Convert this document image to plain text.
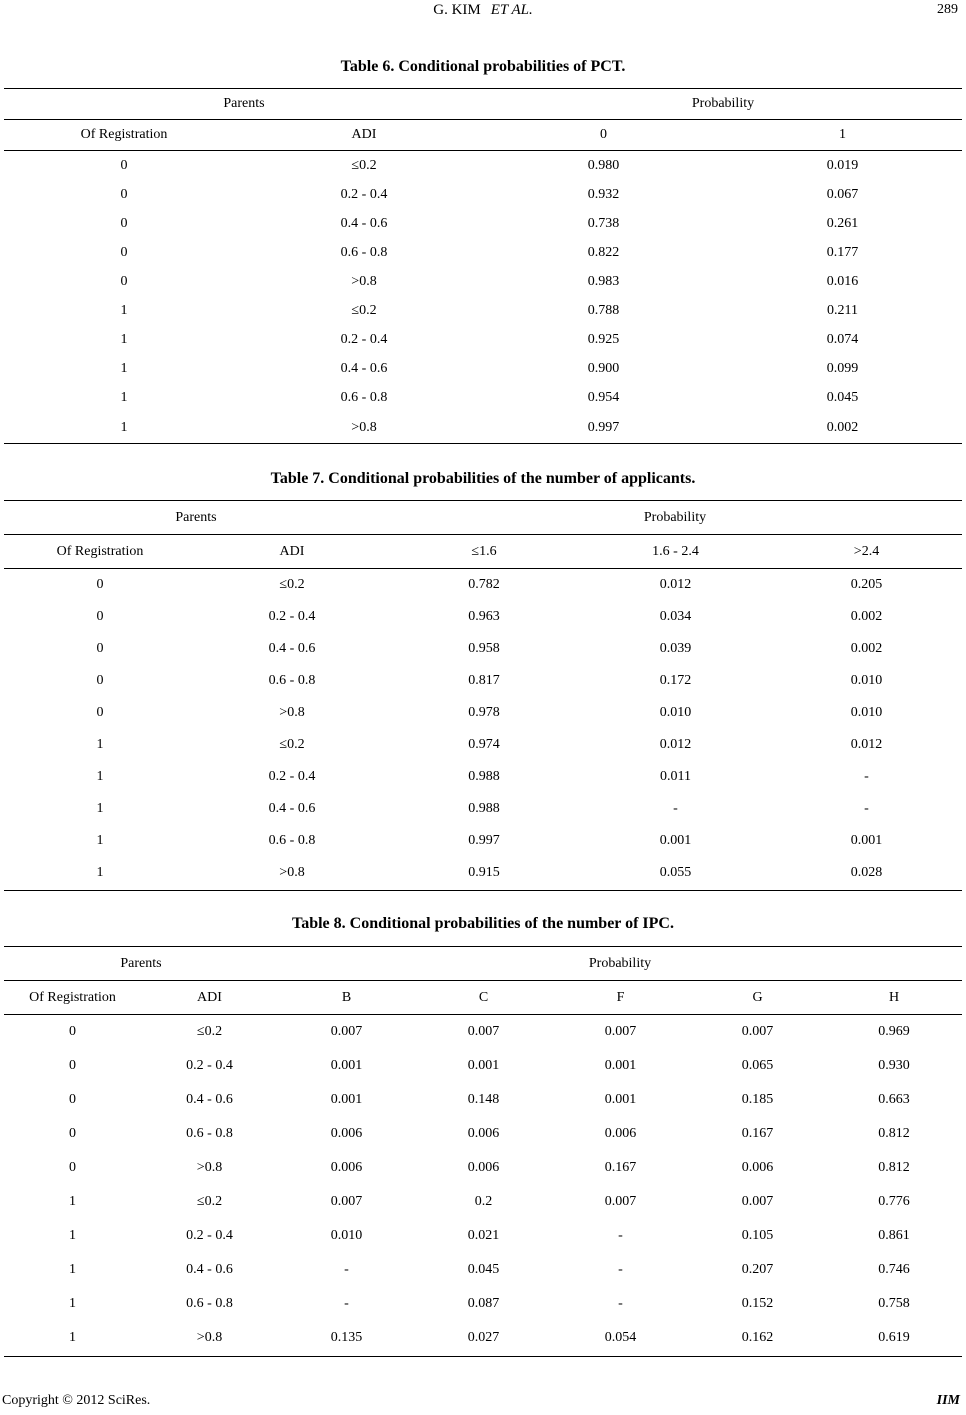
G. KIM ET AL.	289
Table 6. Conditional probabilities of PCT.
Parents		Probability	
Of Registration	ADI	0	1
0	≤0.2	0.980	0.019
0	0.2 - 0.4	0.932	0.067
0	0.4 - 0.6	0.738	0.261
0	0.6 - 0.8	0.822	0.177
0	>0.8	0.983	0.016
1	≤0.2	0.788	0.211
1	0.2 - 0.4	0.925	0.074
1	0.4 - 0.6	0.900	0.099
1	0.6 - 0.8	0.954	0.045
1	>0.8	0.997	0.002
Table 7. Conditional probabilities of the number of applicants.
Parents		Probability		
Of Registration	ADI	≤1.6	1.6 - 2.4	>2.4
0	≤0.2	0.782	0.012	0.205
0	0.2 - 0.4	0.963	0.034	0.002
0	0.4 - 0.6	0.958	0.039	0.002
0	0.6 - 0.8	0.817	0.172	0.010
0	>0.8	0.978	0.010	0.010
1	≤0.2	0.974	0.012	0.012
1	0.2 - 0.4	0.988	0.011	-
1	0.4 - 0.6	0.988	-	-
1	0.6 - 0.8	0.997	0.001	0.001
1	>0.8	0.915	0.055	0.028
Table 8. Conditional probabilities of the number of IPC.
Parents		Probability				
Of Registration	ADI	B	C	F	G	H
0	≤0.2	0.007	0.007	0.007	0.007	0.969
0	0.2 - 0.4	0.001	0.001	0.001	0.065	0.930
0	0.4 - 0.6	0.001	0.148	0.001	0.185	0.663
0	0.6 - 0.8	0.006	0.006	0.006	0.167	0.812
0	>0.8	0.006	0.006	0.167	0.006	0.812
1	≤0.2	0.007	0.2	0.007	0.007	0.776
1	0.2 - 0.4	0.010	0.021	-	0.105	0.861
1	0.4 - 0.6	-	0.045	-	0.207	0.746
1	0.6 - 0.8	-	0.087	-	0.152	0.758
1	>0.8	0.135	0.027	0.054	0.162	0.619
Copyright © 2012 SciRes.	IIM
